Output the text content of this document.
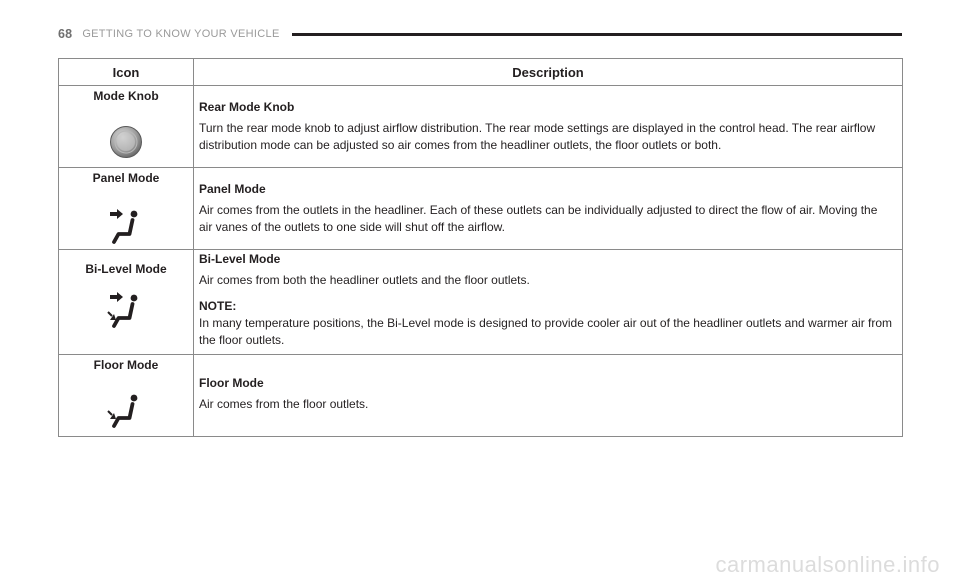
68 GETTING TO KNOW YOUR VEHICLE
Icon	Description

Mode Knob	Rear Mode Knob

Turn the rear mode knob to adjust airflow distribution. The rear mode settings are displayed in the control head. The rear airflow distribution mode can be adjusted so air comes from the headliner outlets, the floor outlets or both.

Panel Mode	Panel Mode

Air comes from the outlets in the headliner. Each of these outlets can be individually adjusted to direct the flow of air. Moving the air vanes of the outlets to one side will shut off the airflow.

Bi-Level Mode	Bi-Level Mode

Air comes from both the headliner outlets and the floor outlets.

NOTE:

In many temperature positions, the Bi-Level mode is designed to provide cooler air out of the headliner outlets and warmer air from the floor outlets.

Floor Mode	Floor Mode

Air comes from the floor outlets.

carmanualsonline.info
